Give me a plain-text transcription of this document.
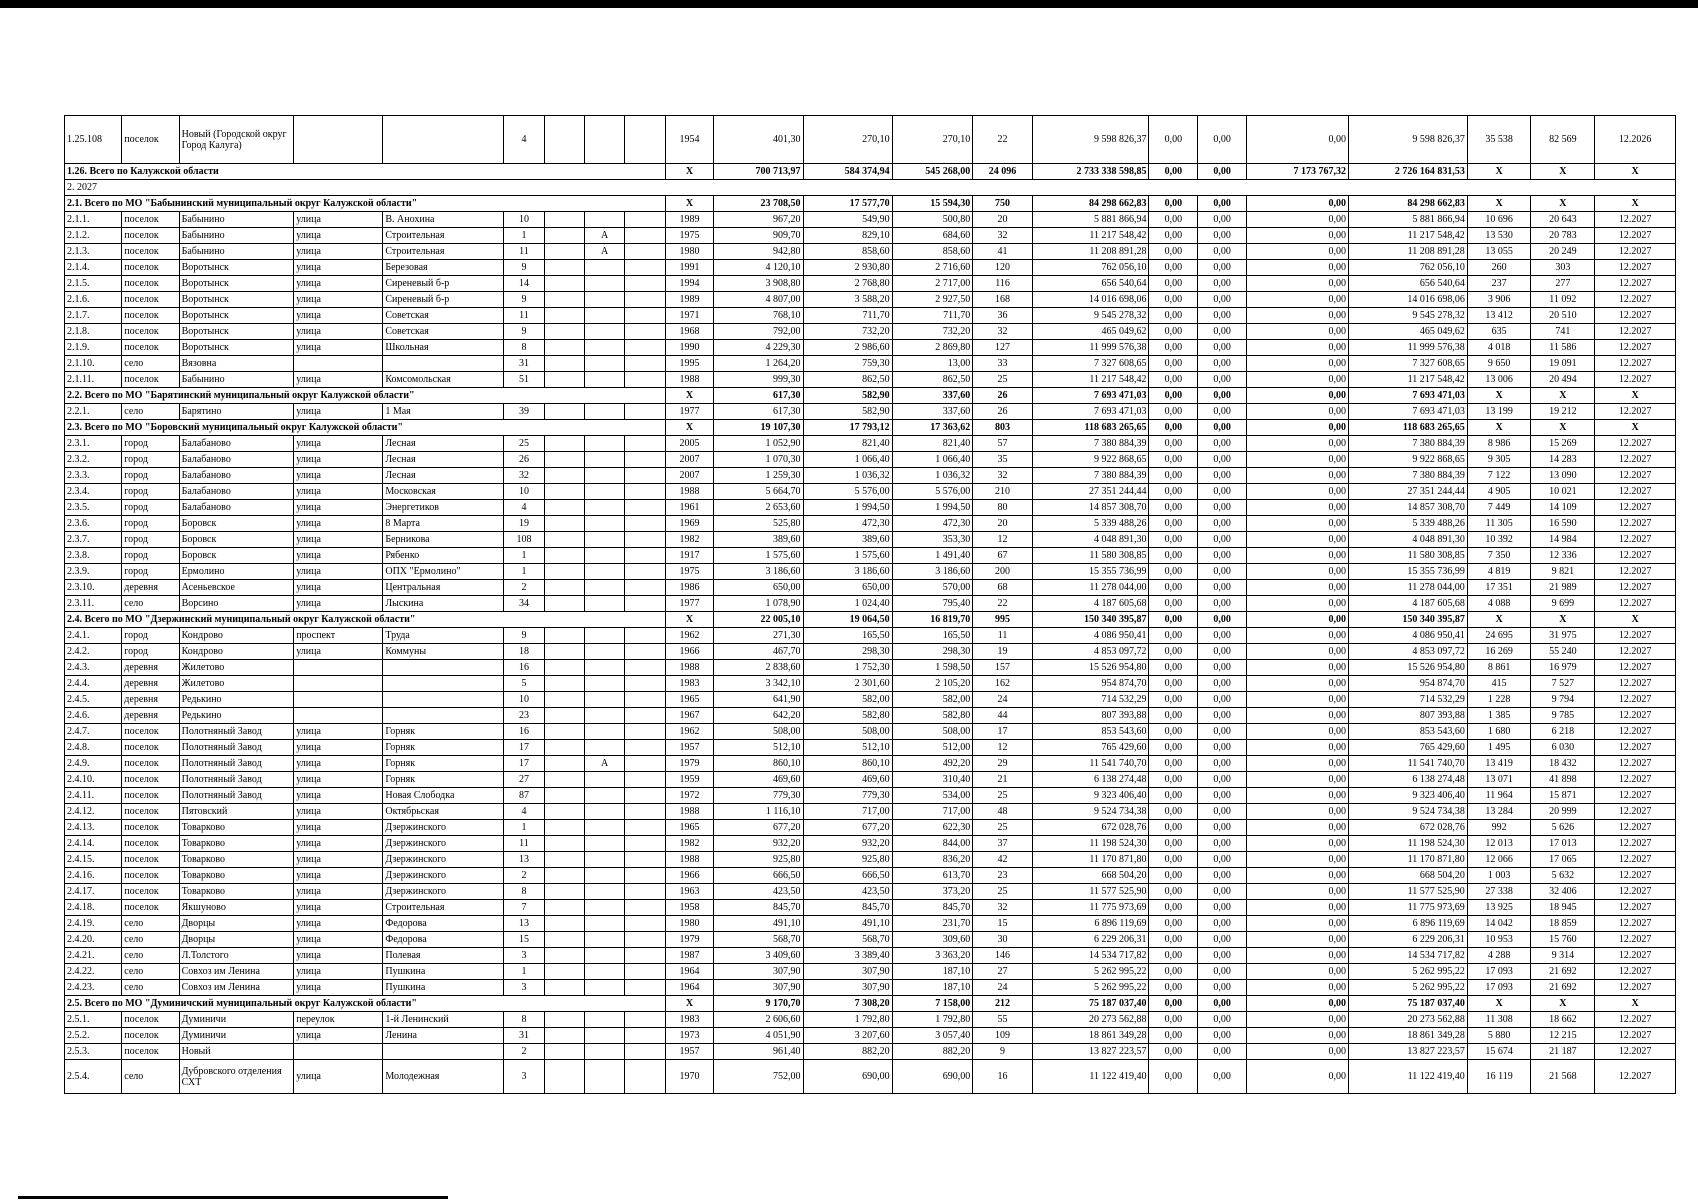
1.25.108	поселок	Новый (Городской округ Город Калуга)			4				1954	401,30	270,10	270,10	22	9 598 826,37	0,00	0,00	0,00	9 598 826,37	35 538	82 569	12.2026
1.26. Всего по Калужской области									X	700 713,97	584 374,94	545 268,00	24 096	2 733 338 598,85	0,00	0,00	7 173 767,32	2 726 164 831,53	X	X	X
2. 2027																					
2.1. Всего по МО "Бабынинский муниципальный округ Калужской области"									X	23 708,50	17 577,70	15 594,30	750	84 298 662,83	0,00	0,00	0,00	84 298 662,83	X	X	X
2.1.1.	поселок	Бабынино	улица	В. Анохина	10				1989	967,20	549,90	500,80	20	5 881 866,94	0,00	0,00	0,00	5 881 866,94	10 696	20 643	12.2027
2.1.2.	поселок	Бабынино	улица	Строительная	1		А		1975	909,70	829,10	684,60	32	11 217 548,42	0,00	0,00	0,00	11 217 548,42	13 530	20 783	12.2027
2.1.3.	поселок	Бабынино	улица	Строительная	11		А		1980	942,80	858,60	858,60	41	11 208 891,28	0,00	0,00	0,00	11 208 891,28	13 055	20 249	12.2027
2.1.4.	поселок	Воротынск	улица	Березовая	9				1991	4 120,10	2 930,80	2 716,60	120	762 056,10	0,00	0,00	0,00	762 056,10	260	303	12.2027
2.1.5.	поселок	Воротынск	улица	Сиреневый б-р	14				1994	3 908,80	2 768,80	2 717,00	116	656 540,64	0,00	0,00	0,00	656 540,64	237	277	12.2027
2.1.6.	поселок	Воротынск	улица	Сиреневый б-р	9				1989	4 807,00	3 588,20	2 927,50	168	14 016 698,06	0,00	0,00	0,00	14 016 698,06	3 906	11 092	12.2027
2.1.7.	поселок	Воротынск	улица	Советская	11				1971	768,10	711,70	711,70	36	9 545 278,32	0,00	0,00	0,00	9 545 278,32	13 412	20 510	12.2027
2.1.8.	поселок	Воротынск	улица	Советская	9				1968	792,00	732,20	732,20	32	465 049,62	0,00	0,00	0,00	465 049,62	635	741	12.2027
2.1.9.	поселок	Воротынск	улица	Школьная	8				1990	4 229,30	2 986,60	2 869,80	127	11 999 576,38	0,00	0,00	0,00	11 999 576,38	4 018	11 586	12.2027
2.1.10.	село	Вязовна			31				1995	1 264,20	759,30	13,00	33	7 327 608,65	0,00	0,00	0,00	7 327 608,65	9 650	19 091	12.2027
2.1.11.	поселок	Бабынино	улица	Комсомольская	51				1988	999,30	862,50	862,50	25	11 217 548,42	0,00	0,00	0,00	11 217 548,42	13 006	20 494	12.2027
2.2. Всего по МО "Барятинский муниципальный округ Калужской области"									X	617,30	582,90	337,60	26	7 693 471,03	0,00	0,00	0,00	7 693 471,03	X	X	X
2.2.1.	село	Барятино	улица	1 Мая	39				1977	617,30	582,90	337,60	26	7 693 471,03	0,00	0,00	0,00	7 693 471,03	13 199	19 212	12.2027
2.3. Всего по МО "Боровский муниципальный округ Калужской области"									X	19 107,30	17 793,12	17 363,62	803	118 683 265,65	0,00	0,00	0,00	118 683 265,65	X	X	X
2.3.1.	город	Балабаново	улица	Лесная	25				2005	1 052,90	821,40	821,40	57	7 380 884,39	0,00	0,00	0,00	7 380 884,39	8 986	15 269	12.2027
2.3.2.	город	Балабаново	улица	Лесная	26				2007	1 070,30	1 066,40	1 066,40	35	9 922 868,65	0,00	0,00	0,00	9 922 868,65	9 305	14 283	12.2027
2.3.3.	город	Балабаново	улица	Лесная	32				2007	1 259,30	1 036,32	1 036,32	32	7 380 884,39	0,00	0,00	0,00	7 380 884,39	7 122	13 090	12.2027
2.3.4.	город	Балабаново	улица	Московская	10				1988	5 664,70	5 576,00	5 576,00	210	27 351 244,44	0,00	0,00	0,00	27 351 244,44	4 905	10 021	12.2027
2.3.5.	город	Балабаново	улица	Энергетиков	4				1961	2 653,60	1 994,50	1 994,50	80	14 857 308,70	0,00	0,00	0,00	14 857 308,70	7 449	14 109	12.2027
2.3.6.	город	Боровск	улица	8 Марта	19				1969	525,80	472,30	472,30	20	5 339 488,26	0,00	0,00	0,00	5 339 488,26	11 305	16 590	12.2027
2.3.7.	город	Боровск	улица	Берникова	108				1982	389,60	389,60	353,30	12	4 048 891,30	0,00	0,00	0,00	4 048 891,30	10 392	14 984	12.2027
2.3.8.	город	Боровск	улица	Рябенко	1				1917	1 575,60	1 575,60	1 491,40	67	11 580 308,85	0,00	0,00	0,00	11 580 308,85	7 350	12 336	12.2027
2.3.9.	город	Ермолино	улица	ОПХ "Ермолино"	1				1975	3 186,60	3 186,60	3 186,60	200	15 355 736,99	0,00	0,00	0,00	15 355 736,99	4 819	9 821	12.2027
2.3.10.	деревня	Асеньевское	улица	Центральная	2				1986	650,00	650,00	570,00	68	11 278 044,00	0,00	0,00	0,00	11 278 044,00	17 351	21 989	12.2027
2.3.11.	село	Ворсино	улица	Лыскина	34				1977	1 078,90	1 024,40	795,40	22	4 187 605,68	0,00	0,00	0,00	4 187 605,68	4 088	9 699	12.2027
2.4. Всего по МО "Дзержинский муниципальный округ Калужской области"									X	22 005,10	19 064,50	16 819,70	995	150 340 395,87	0,00	0,00	0,00	150 340 395,87	X	X	X
2.4.1.	город	Кондрово	проспект	Труда	9				1962	271,30	165,50	165,50	11	4 086 950,41	0,00	0,00	0,00	4 086 950,41	24 695	31 975	12.2027
2.4.2.	город	Кондрово	улица	Коммуны	18				1966	467,70	298,30	298,30	19	4 853 097,72	0,00	0,00	0,00	4 853 097,72	16 269	55 240	12.2027
2.4.3.	деревня	Жилетово			16				1988	2 838,60	1 752,30	1 598,50	157	15 526 954,80	0,00	0,00	0,00	15 526 954,80	8 861	16 979	12.2027
2.4.4.	деревня	Жилетово			5				1983	3 342,10	2 301,60	2 105,20	162	954 874,70	0,00	0,00	0,00	954 874,70	415	7 527	12.2027
2.4.5.	деревня	Редькино			10				1965	641,90	582,00	582,00	24	714 532,29	0,00	0,00	0,00	714 532,29	1 228	9 794	12.2027
2.4.6.	деревня	Редькино			23				1967	642,20	582,80	582,80	44	807 393,88	0,00	0,00	0,00	807 393,88	1 385	9 785	12.2027
2.4.7.	поселок	Полотняный Завод	улица	Горняк	16				1962	508,00	508,00	508,00	17	853 543,60	0,00	0,00	0,00	853 543,60	1 680	6 218	12.2027
2.4.8.	поселок	Полотняный Завод	улица	Горняк	17				1957	512,10	512,10	512,00	12	765 429,60	0,00	0,00	0,00	765 429,60	1 495	6 030	12.2027
2.4.9.	поселок	Полотняный Завод	улица	Горняк	17		А		1979	860,10	860,10	492,20	29	11 541 740,70	0,00	0,00	0,00	11 541 740,70	13 419	18 432	12.2027
2.4.10.	поселок	Полотняный Завод	улица	Горняк	27				1959	469,60	469,60	310,40	21	6 138 274,48	0,00	0,00	0,00	6 138 274,48	13 071	41 898	12.2027
2.4.11.	поселок	Полотняный Завод	улица	Новая Слободка	87				1972	779,30	779,30	534,00	25	9 323 406,40	0,00	0,00	0,00	9 323 406,40	11 964	15 871	12.2027
2.4.12.	поселок	Пятовский	улица	Октябрьская	4				1988	1 116,10	717,00	717,00	48	9 524 734,38	0,00	0,00	0,00	9 524 734,38	13 284	20 999	12.2027
2.4.13.	поселок	Товарково	улица	Дзержинского	1				1965	677,20	677,20	622,30	25	672 028,76	0,00	0,00	0,00	672 028,76	992	5 626	12.2027
2.4.14.	поселок	Товарково	улица	Дзержинского	11				1982	932,20	932,20	844,00	37	11 198 524,30	0,00	0,00	0,00	11 198 524,30	12 013	17 013	12.2027
2.4.15.	поселок	Товарково	улица	Дзержинского	13				1988	925,80	925,80	836,20	42	11 170 871,80	0,00	0,00	0,00	11 170 871,80	12 066	17 065	12.2027
2.4.16.	поселок	Товарково	улица	Дзержинского	2				1966	666,50	666,50	613,70	23	668 504,20	0,00	0,00	0,00	668 504,20	1 003	5 632	12.2027
2.4.17.	поселок	Товарково	улица	Дзержинского	8				1963	423,50	423,50	373,20	25	11 577 525,90	0,00	0,00	0,00	11 577 525,90	27 338	32 406	12.2027
2.4.18.	поселок	Якшуново	улица	Строительная	7				1958	845,70	845,70	845,70	32	11 775 973,69	0,00	0,00	0,00	11 775 973,69	13 925	18 945	12.2027
2.4.19.	село	Дворцы	улица	Федорова	13				1980	491,10	491,10	231,70	15	6 896 119,69	0,00	0,00	0,00	6 896 119,69	14 042	18 859	12.2027
2.4.20.	село	Дворцы	улица	Федорова	15				1979	568,70	568,70	309,60	30	6 229 206,31	0,00	0,00	0,00	6 229 206,31	10 953	15 760	12.2027
2.4.21.	село	Л.Толстого	улица	Полевая	3				1987	3 409,60	3 389,40	3 363,20	146	14 534 717,82	0,00	0,00	0,00	14 534 717,82	4 288	9 314	12.2027
2.4.22.	село	Совхоз им Ленина	улица	Пушкина	1				1964	307,90	307,90	187,10	27	5 262 995,22	0,00	0,00	0,00	5 262 995,22	17 093	21 692	12.2027
2.4.23.	село	Совхоз им Ленина	улица	Пушкина	3				1964	307,90	307,90	187,10	24	5 262 995,22	0,00	0,00	0,00	5 262 995,22	17 093	21 692	12.2027
2.5. Всего по МО "Думиничский муниципальный округ Калужской области"									X	9 170,70	7 308,20	7 158,00	212	75 187 037,40	0,00	0,00	0,00	75 187 037,40	X	X	X
2.5.1.	поселок	Думиничи	переулок	1-й Ленинский	8				1983	2 606,60	1 792,80	1 792,80	55	20 273 562,88	0,00	0,00	0,00	20 273 562,88	11 308	18 662	12.2027
2.5.2.	поселок	Думиничи	улица	Ленина	31				1973	4 051,90	3 207,60	3 057,40	109	18 861 349,28	0,00	0,00	0,00	18 861 349,28	5 880	12 215	12.2027
2.5.3.	поселок	Новый			2				1957	961,40	882,20	882,20	9	13 827 223,57	0,00	0,00	0,00	13 827 223,57	15 674	21 187	12.2027
2.5.4.	село	Дубровского отделения СХТ	улица	Молодежная	3				1970	752,00	690,00	690,00	16	11 122 419,40	0,00	0,00	0,00	11 122 419,40	16 119	21 568	12.2027
